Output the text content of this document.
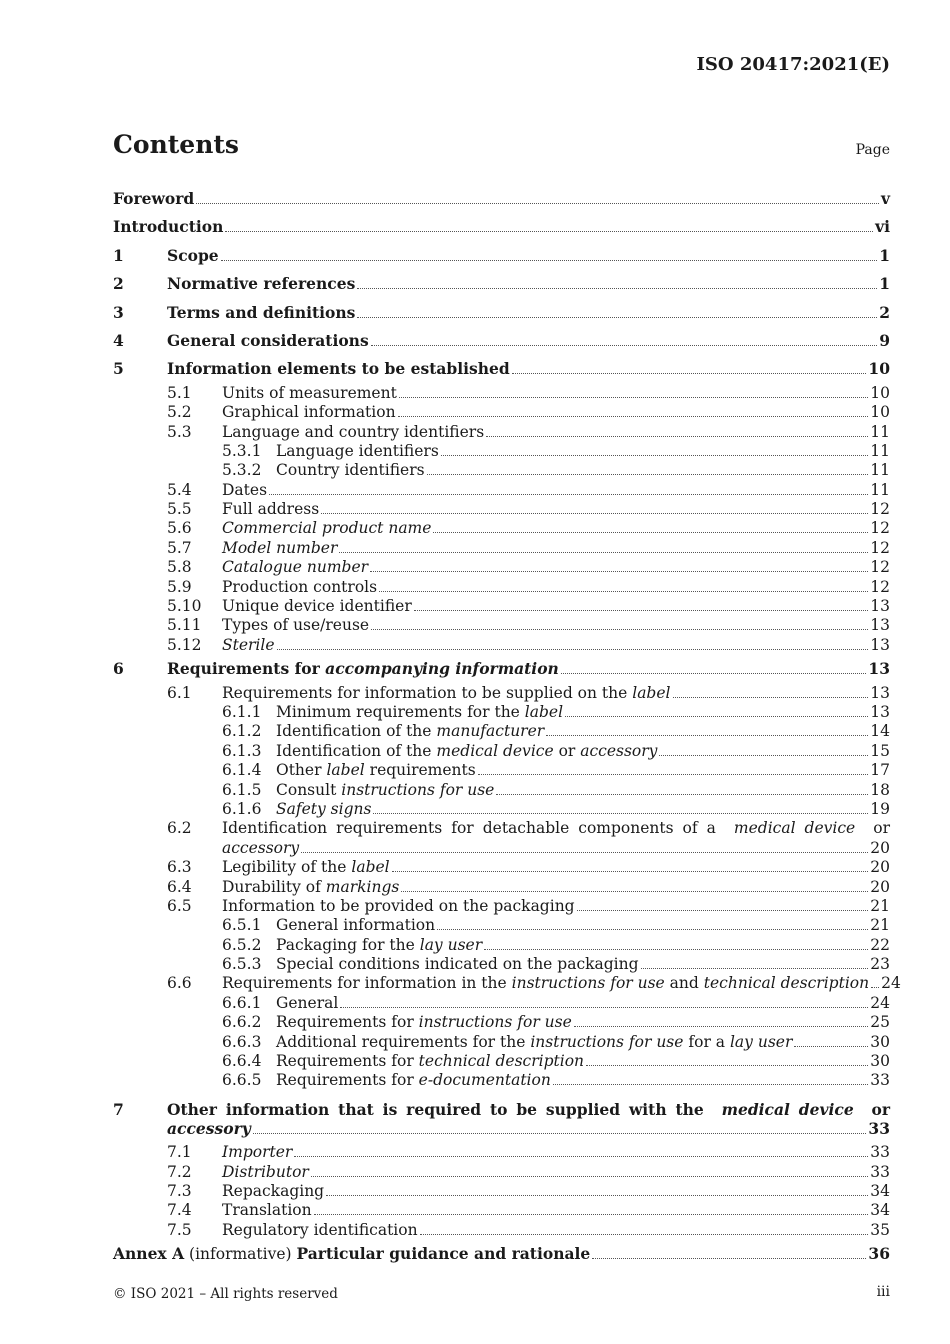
ISO 20417:2021(E)
Contents	Page
Foreword	v
Introduction	vi
1	Scope	1
2	Normative references	1
3	Terms and definitions	2
4	General considerations	9
5	Information elements to be established	10
5.1 Units of measurement	10
5.2 Graphical information	10
5.3 Language and country identifiers	11
5.3.1 Language identifiers	11
5.3.2 Country identifiers	11
5.4 Dates	11
5.5 Full address	12
5.6 Commercial product name	12
5.7 Model number	12
5.8 Catalogue number	12
5.9 Production controls	12
5.10 Unique device identifier	13
5.11 Types of use/reuse	13
5.12 Sterile	13
6	Requirements for
accompanying information	13
6.1 Requirements for information to be supplied on the
label	13
6.1.1 Minimum requirements for the
label	13
6.1.2 Identification of the
manufacturer	14
6.1.3 Identification of the
medical device
or
accessory	15
6.1.4 Other
label
requirements	17
6.1.5 Consult
instructions for use	18
6.1.6 Safety signs	19
6.2 Identification requirements for detachable components of a  medical device  or
accessory	20
6.3 Legibility of the
label	20
6.4 Durability of
markings	20
6.5 Information to be provided on the packaging	21
6.5.1 General information	21
6.5.2 Packaging for the
lay user	22
6.5.3 Special conditions indicated on the packaging	23
6.6 Requirements for information in the
instructions for use
and
technical description 24
6.6.1 General	24
6.6.2 Requirements for
instructions for use	25
6.6.3 Additional requirements for the
instructions for use
for a
lay user	30
6.6.4 Requirements for
technical description	30
6.6.5 Requirements for
e-documentation	33
7	Other information that is required to be supplied with the  medical device  or
accessory	33
7.1 Importer	33
7.2 Distributor	33
7.3 Repackaging	34
7.4 Translation	34
7.5 Regulatory identification	35
Annex A (informative) Particular guidance and rationale	36
© ISO 2021 – All rights reserved	iii
